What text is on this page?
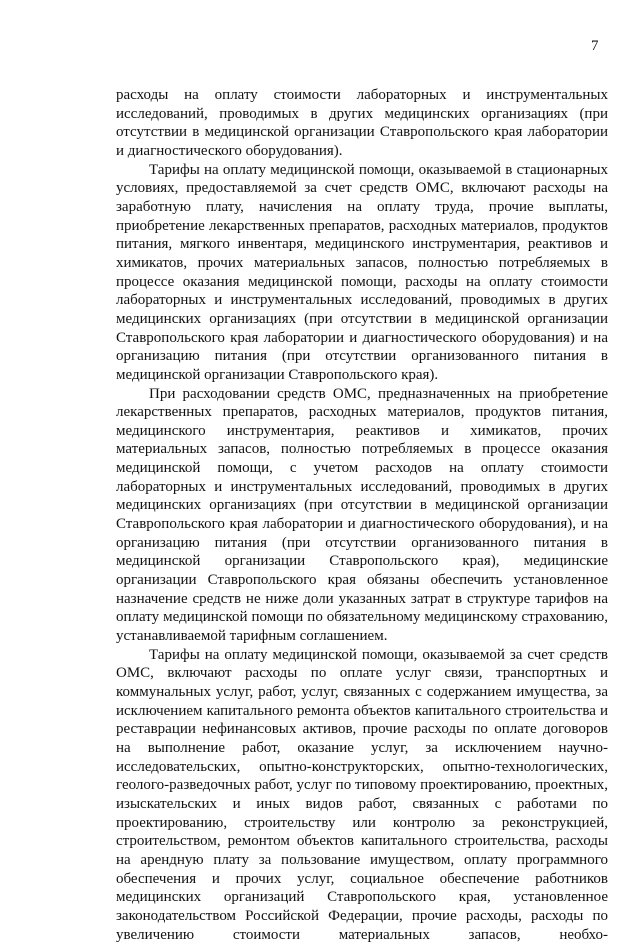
7

расходы на оплату стоимости лабораторных и инструментальных исследований, проводимых в других медицинских организациях (при отсутствии в медицинской организации Ставропольского края лаборатории и диагностического оборудования).

Тарифы на оплату медицинской помощи, оказываемой в стационарных условиях, предоставляемой за счет средств ОМС, включают расходы на заработную плату, начисления на оплату труда, прочие выплаты, приобретение лекарственных препаратов, расходных материалов, продуктов питания, мягкого инвентаря, медицинского инструментария, реактивов и химикатов, прочих материальных запасов, полностью потребляемых в процессе оказания медицинской помощи, расходы на оплату стоимости лабораторных и инструментальных исследований, проводимых в других медицинских организациях (при отсутствии в медицинской организации Ставропольского края лаборатории и диагностического оборудования) и на организацию питания (при отсутствии организованного питания в медицинской организации Ставропольского края).

При расходовании средств ОМС, предназначенных на приобретение лекарственных препаратов, расходных материалов, продуктов питания, медицинского инструментария, реактивов и химикатов, прочих материальных запасов, полностью потребляемых в процессе оказания медицинской помощи, с учетом расходов на оплату стоимости лабораторных и инструментальных исследований, проводимых в других медицинских организациях (при отсутствии в медицинской организации Ставропольского края лаборатории и диагностического оборудования), и на организацию питания (при отсутствии организованного питания в медицинской организации Ставропольского края), медицинские организации Ставропольского края обязаны обеспечить установленное назначение средств не ниже доли указанных затрат в структуре тарифов на оплату медицинской помощи по обязательному медицинскому страхованию, устанавливаемой тарифным соглашением.

Тарифы на оплату медицинской помощи, оказываемой за счет средств ОМС, включают расходы по оплате услуг связи, транспортных и коммунальных услуг, работ, услуг, связанных с содержанием имущества, за исключением капитального ремонта объектов капитального строительства и реставрации нефинансовых активов, прочие расходы по оплате договоров на выполнение работ, оказание услуг, за исключением научно-исследовательских, опытно-конструкторских, опытно-технологических, геолого-разведочных работ, услуг по типовому проектированию, проектных, изыскательских и иных видов работ, связанных с работами по проектированию, строительству или контролю за реконструкцией, строительством, ремонтом объектов капитального строительства, расходы на арендную плату за пользование имуществом, оплату программного обеспечения и прочих услуг, социальное обеспечение работников медицинских организаций Ставропольского края, установленное законодательством Российской Федерации, прочие расходы, расходы по увеличению стоимости материальных запасов, необхо-
